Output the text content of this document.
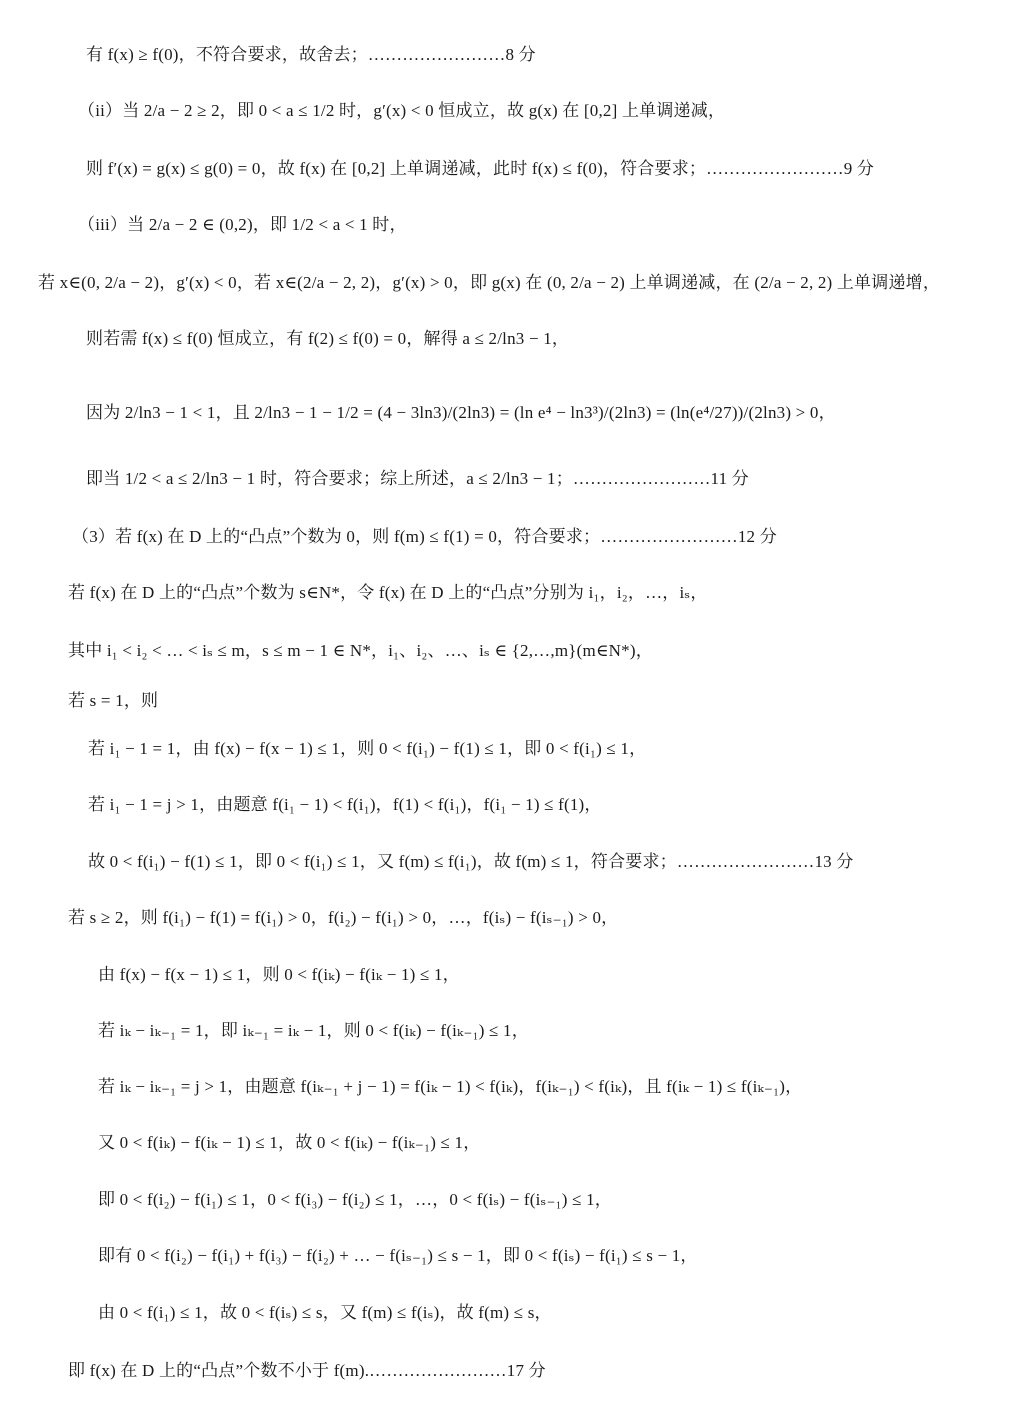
有 f(x) ≥ f(0)，不符合要求，故舍去；……………………8 分
（ii）当 2/a − 2 ≥ 2，即 0 < a ≤ 1/2 时，g′(x) < 0 恒成立，故 g(x) 在 [0,2] 上单调递减，
则 f′(x) = g(x) ≤ g(0) = 0，故 f(x) 在 [0,2] 上单调递减，此时 f(x) ≤ f(0)，符合要求；……………………9 分
（iii）当 2/a − 2 ∈ (0,2)，即 1/2 < a < 1 时，
若 x∈(0, 2/a − 2)，g′(x) < 0，若 x∈(2/a − 2, 2)，g′(x) > 0，即 g(x) 在 (0, 2/a − 2) 上单调递减，在 (2/a − 2, 2) 上单调递增，
则若需 f(x) ≤ f(0) 恒成立，有 f(2) ≤ f(0) = 0，解得 a ≤ 2/ln3 − 1，
因为 2/ln3 − 1 < 1，且 2/ln3 − 1 − 1/2 = (4 − 3ln3)/(2ln3) = (ln e⁴ − ln3³)/(2ln3) = (ln(e⁴/27))/(2ln3) > 0，
即当 1/2 < a ≤ 2/ln3 − 1 时，符合要求；综上所述，a ≤ 2/ln3 − 1；……………………11 分
（3）若 f(x) 在 D 上的“凸点”个数为 0，则 f(m) ≤ f(1) = 0，符合要求；……………………12 分
若 f(x) 在 D 上的“凸点”个数为 s∈N*，令 f(x) 在 D 上的“凸点”分别为 i₁，i₂，…，iₛ，
其中 i₁ < i₂ < … < iₛ ≤ m，s ≤ m − 1 ∈ N*，i₁、i₂、…、iₛ ∈ {2,…,m}(m∈N*)，
若 s = 1，则
若 i₁ − 1 = 1，由 f(x) − f(x − 1) ≤ 1，则 0 < f(i₁) − f(1) ≤ 1，即 0 < f(i₁) ≤ 1，
若 i₁ − 1 = j > 1，由题意 f(i₁ − 1) < f(i₁)，f(1) < f(i₁)，f(i₁ − 1) ≤ f(1)，
故 0 < f(i₁) − f(1) ≤ 1，即 0 < f(i₁) ≤ 1，又 f(m) ≤ f(i₁)，故 f(m) ≤ 1，符合要求；……………………13 分
若 s ≥ 2，则 f(i₁) − f(1) = f(i₁) > 0，f(i₂) − f(i₁) > 0，…，f(iₛ) − f(iₛ₋₁) > 0，
由 f(x) − f(x − 1) ≤ 1，则 0 < f(iₖ) − f(iₖ − 1) ≤ 1，
若 iₖ − iₖ₋₁ = 1，即 iₖ₋₁ = iₖ − 1，则 0 < f(iₖ) − f(iₖ₋₁) ≤ 1，
若 iₖ − iₖ₋₁ = j > 1，由题意 f(iₖ₋₁ + j − 1) = f(iₖ − 1) < f(iₖ)，f(iₖ₋₁) < f(iₖ)，且 f(iₖ − 1) ≤ f(iₖ₋₁)，
又 0 < f(iₖ) − f(iₖ − 1) ≤ 1，故 0 < f(iₖ) − f(iₖ₋₁) ≤ 1，
即 0 < f(i₂) − f(i₁) ≤ 1，0 < f(i₃) − f(i₂) ≤ 1，…，0 < f(iₛ) − f(iₛ₋₁) ≤ 1，
即有 0 < f(i₂) − f(i₁) + f(i₃) − f(i₂) + … − f(iₛ₋₁) ≤ s − 1，即 0 < f(iₛ) − f(i₁) ≤ s − 1，
由 0 < f(i₁) ≤ 1，故 0 < f(iₛ) ≤ s，又 f(m) ≤ f(iₛ)，故 f(m) ≤ s，
即 f(x) 在 D 上的“凸点”个数不小于 f(m).……………………17 分
